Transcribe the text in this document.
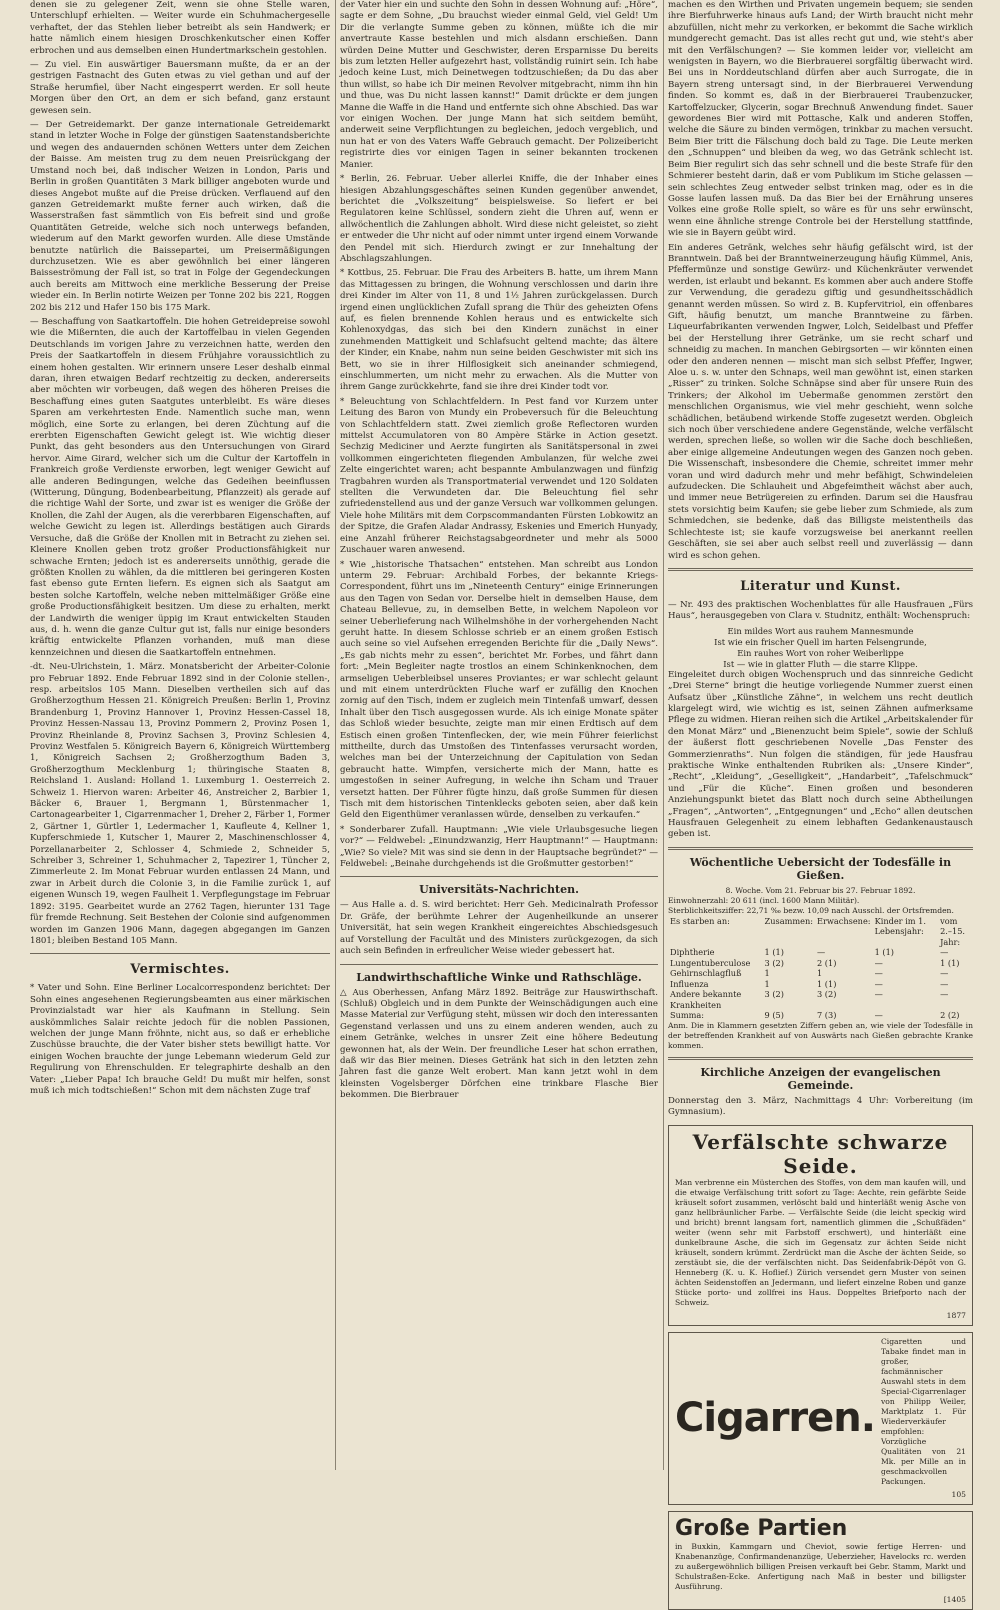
denen sie zu gelegener Zeit, wenn sie ohne Stelle waren, Unterschlupf erhielten. — Weiter wurde ein Schuhmachergeselle verhaftet, der das Stehlen lieber betreibt als sein Handwerk; er hatte nämlich einem hiesigen Droschkenkutscher einen Koffer erbrochen und aus demselben einen Hundertmarkschein gestohlen.

— Zu viel. Ein auswärtiger Bauersmann mußte, da er an der gestrigen Fastnacht des Guten etwas zu viel gethan und auf der Straße herumfiel, über Nacht eingesperrt werden. Er soll heute Morgen über den Ort, an dem er sich befand, ganz erstaunt gewesen sein.

— Der Getreidemarkt. Der ganze internationale Getreidemarkt stand in letzter Woche in Folge der günstigen Saatenstandsberichte und wegen des andauernden schönen Wetters unter dem Zeichen der Baisse. Am meisten trug zu dem neuen Preisrückgang der Umstand noch bei, daß indischer Weizen in London, Paris und Berlin in großen Quantitäten 3 Mark billiger angeboten wurde und dieses Angebot mußte auf die Preise drücken. Verflauend auf den ganzen Getreidemarkt mußte ferner auch wirken, daß die Wasserstraßen fast sämmtlich von Eis befreit sind und große Quantitäten Getreide, welche sich noch unterwegs befanden, wiederum auf den Markt geworfen wurden. Alle diese Umstände benutzte natürlich die Baissepartei, um Preisermäßigungen durchzusetzen. Wie es aber gewöhnlich bei einer längeren Baisseströmung der Fall ist, so trat in Folge der Gegendeckungen auch bereits am Mittwoch eine merkliche Besserung der Preise wieder ein. In Berlin notirte Weizen per Tonne 202 bis 221, Roggen 202 bis 212 und Hafer 150 bis 175 Mark.

— Beschaffung von Saatkartoffeln. Die hohen Getreidepreise sowohl wie die Mißernten, die auch der Kartoffelbau in vielen Gegenden Deutschlands im vorigen Jahre zu verzeichnen hatte, werden den Preis der Saatkartoffeln in diesem Frühjahre voraussichtlich zu einem hohen gestalten. Wir erinnern unsere Leser deshalb einmal daran, ihren etwaigen Bedarf rechtzeitig zu decken, andererseits aber möchten wir vorbeugen, daß wegen des höheren Preises die Beschaffung eines guten Saatgutes unterbleibt. Es wäre dieses Sparen am verkehrtesten Ende. Namentlich suche man, wenn möglich, eine Sorte zu erlangen, bei deren Züchtung auf die ererbten Eigenschaften Gewicht gelegt ist. Wie wichtig dieser Punkt, das geht besonders aus den Untersuchungen von Girard hervor. Aime Girard, welcher sich um die Cultur der Kartoffeln in Frankreich große Verdienste erworben, legt weniger Gewicht auf alle anderen Bedingungen, welche das Gedeihen beeinflussen (Witterung, Düngung, Bodenbearbeitung, Pflanzzeit) als gerade auf die richtige Wahl der Sorte, und zwar ist es weniger die Größe der Knollen, die Zahl der Augen, als die vererbbaren Eigenschaften, auf welche Gewicht zu legen ist. Allerdings bestätigen auch Girards Versuche, daß die Größe der Knollen mit in Betracht zu ziehen sei. Kleinere Knollen geben trotz großer Productionsfähigkeit nur schwache Ernten; jedoch ist es andererseits unnöthig, gerade die größten Knollen zu wählen, da die mittleren bei geringeren Kosten fast ebenso gute Ernten liefern. Es eignen sich als Saatgut am besten solche Kartoffeln, welche neben mittelmäßiger Größe eine große Productionsfähigkeit besitzen. Um diese zu erhalten, merkt der Landwirth die weniger üppig im Kraut entwickelten Stauden aus, d. h. wenn die ganze Cultur gut ist, falls nur einige besonders kräftig entwickelte Pflanzen vorhanden, muß man diese kennzeichnen und diesen die Saatkartoffeln entnehmen.

-dt. Neu-Ulrichstein, 1. März. Monatsbericht der Arbeiter-Colonie pro Februar 1892. Ende Februar 1892 sind in der Colonie stellen-, resp. arbeitslos 105 Mann. Dieselben vertheilen sich auf das Großherzogthum Hessen 21. Königreich Preußen: Berlin 1, Provinz Brandenburg 1, Provinz Hannover 1, Provinz Hessen-Cassel 18, Provinz Hessen-Nassau 13, Provinz Pommern 2, Provinz Posen 1, Provinz Rheinlande 8, Provinz Sachsen 3, Provinz Schlesien 4, Provinz Westfalen 5. Königreich Bayern 6, Königreich Württemberg 1, Königreich Sachsen 2; Großherzogthum Baden 3, Großherzogthum Mecklenburg 1; thüringische Staaten 8, Reichsland 1. Ausland: Holland 1. Luxemburg 1. Oesterreich 2. Schweiz 1. Hiervon waren: Arbeiter 46, Anstreicher 2, Barbier 1, Bäcker 6, Brauer 1, Bergmann 1, Bürstenmacher 1, Cartonagearbeiter 1, Cigarrenmacher 1, Dreher 2, Färber 1, Former 2, Gärtner 1, Gürtler 1, Ledermacher 1, Kaufleute 4, Kellner 1, Kupferschmiede 1, Kutscher 1, Maurer 2, Maschinenschlosser 4, Porzellanarbeiter 2, Schlosser 4, Schmiede 2, Schneider 5, Schreiber 3, Schreiner 1, Schuhmacher 2, Tapezirer 1, Tüncher 2, Zimmerleute 2. Im Monat Februar wurden entlassen 24 Mann, und zwar in Arbeit durch die Colonie 3, in die Familie zurück 1, auf eigenen Wunsch 19, wegen Faulheit 1. Verpflegungstage im Februar 1892: 3195. Gearbeitet wurde an 2762 Tagen, hierunter 131 Tage für fremde Rechnung. Seit Bestehen der Colonie sind aufgenommen worden im Ganzen 1906 Mann, dagegen abgegangen im Ganzen 1801; bleiben Bestand 105 Mann.

Vermischtes.

* Vater und Sohn. Eine Berliner Localcorrespondenz berichtet: Der Sohn eines angesehenen Regierungsbeamten aus einer märkischen Provinzialstadt war hier als Kaufmann in Stellung. Sein auskömmliches Salair reichte jedoch für die noblen Passionen, welchen der junge Mann fröhnte, nicht aus, so daß er erhebliche Zuschüsse brauchte, die der Vater bisher stets bewilligt hatte. Vor einigen Wochen brauchte der junge Lebemann wiederum Geld zur Regulirung von Ehrenschulden. Er telegraphirte deshalb an den Vater: „Lieber Papa! Ich brauche Geld! Du mußt mir helfen, sonst muß ich mich todtschießen!“ Schon mit dem nächsten Zuge traf

der Vater hier ein und suchte den Sohn in dessen Wohnung auf: „Höre“, sagte er dem Sohne, „Du brauchst wieder einmal Geld, viel Geld! Um Dir die verlangte Summe geben zu können, müßte ich die mir anvertraute Kasse bestehlen und mich alsdann erschießen. Dann würden Deine Mutter und Geschwister, deren Ersparnisse Du bereits bis zum letzten Heller aufgezehrt hast, vollständig ruinirt sein. Ich habe jedoch keine Lust, mich Deinetwegen todtzuschießen; da Du das aber thun willst, so habe ich Dir meinen Revolver mitgebracht, nimm ihn hin und thue, was Du nicht lassen kannst!“ Damit drückte er dem jungen Manne die Waffe in die Hand und entfernte sich ohne Abschied. Das war vor einigen Wochen. Der junge Mann hat sich seitdem bemüht, anderweit seine Verpflichtungen zu begleichen, jedoch vergeblich, und nun hat er von des Vaters Waffe Gebrauch gemacht. Der Polizeibericht registrirte dies vor einigen Tagen in seiner bekannten trockenen Manier.

* Berlin, 26. Februar. Ueber allerlei Kniffe, die der Inhaber eines hiesigen Abzahlungsgeschäftes seinen Kunden gegenüber anwendet, berichtet die „Volkszeitung“ beispielsweise. So liefert er bei Regulatoren keine Schlüssel, sondern zieht die Uhren auf, wenn er allwöchentlich die Zahlungen abholt. Wird diese nicht geleistet, so zieht er entweder die Uhr nicht auf oder nimmt unter irgend einem Vorwande den Pendel mit sich. Hierdurch zwingt er zur Innehaltung der Abschlagszahlungen.

* Kottbus, 25. Februar. Die Frau des Arbeiters B. hatte, um ihrem Mann das Mittagessen zu bringen, die Wohnung verschlossen und darin ihre drei Kinder im Alter von 11, 8 und 1½ Jahren zurückgelassen. Durch irgend einen unglücklichen Zufall sprang die Thür des geheizten Ofens auf, es fielen brennende Kohlen heraus und es entwickelte sich Kohlenoxydgas, das sich bei den Kindern zunächst in einer zunehmenden Mattigkeit und Schlafsucht geltend machte; das ältere der Kinder, ein Knabe, nahm nun seine beiden Geschwister mit sich ins Bett, wo sie in ihrer Hilflosigkeit sich aneinander schmiegend, einschlummerten, um nicht mehr zu erwachen. Als die Mutter von ihrem Gange zurückkehrte, fand sie ihre drei Kinder todt vor.

* Beleuchtung von Schlachtfeldern. In Pest fand vor Kurzem unter Leitung des Baron von Mundy ein Probeversuch für die Beleuchtung von Schlachtfeldern statt. Zwei ziemlich große Reflectoren wurden mittelst Accumulatoren von 80 Ampère Stärke in Action gesetzt. Sechzig Mediciner und Aerzte fungirten als Sanitätspersonal in zwei vollkommen eingerichteten fliegenden Ambulanzen, für welche zwei Zelte eingerichtet waren; acht bespannte Ambulanzwagen und fünfzig Tragbahren wurden als Transportmaterial verwendet und 120 Soldaten stellten die Verwundeten dar. Die Beleuchtung fiel sehr zufriedenstellend aus und der ganze Versuch war vollkommen gelungen. Viele hohe Militärs mit dem Corpscommandanten Fürsten Lobkowitz an der Spitze, die Grafen Aladar Andrassy, Eskenies und Emerich Hunyady, eine Anzahl früherer Reichstagsabgeordneter und mehr als 5000 Zuschauer waren anwesend.

* Wie „historische Thatsachen“ entstehen. Man schreibt aus London unterm 29. Februar: Archibald Forbes, der bekannte Kriegs-Correspondent, führt uns im „Nineteenth Century“ einige Erinnerungen aus den Tagen von Sedan vor. Derselbe hielt in demselben Hause, dem Chateau Bellevue, zu, in demselben Bette, in welchem Napoleon vor seiner Ueberlieferung nach Wilhelmshöhe in der vorhergehenden Nacht geruht hatte. In diesem Schlosse schrieb er an einem großen Estisch auch seine so viel Aufsehen erregenden Berichte für die „Daily News“. „Es gab nichts mehr zu essen“, berichtet Mr. Forbes, und fährt dann fort: „Mein Begleiter nagte trostlos an einem Schinkenknochen, dem armseligen Ueberbleibsel unseres Proviantes; er war schlecht gelaunt und mit einem unterdrückten Fluche warf er zufällig den Knochen zornig auf den Tisch, indem er zugleich mein Tintenfaß umwarf, dessen Inhalt über den Tisch ausgegossen wurde. Als ich einige Monate später das Schloß wieder besuchte, zeigte man mir einen Erdtisch auf dem Estisch einen großen Tintenflecken, der, wie mein Führer feierlichst mittheilte, durch das Umstoßen des Tintenfasses verursacht worden, welches man bei der Unterzeichnung der Capitulation von Sedan gebraucht hatte. Wimpfen, versicherte mich der Mann, hatte es umgestoßen in seiner Aufregung, in welche ihn Scham und Trauer versetzt hatten. Der Führer fügte hinzu, daß große Summen für diesen Tisch mit dem historischen Tintenklecks geboten seien, aber daß kein Geld den Eigenthümer veranlassen würde, denselben zu verkaufen.“

* Sonderbarer Zufall. Hauptmann: „Wie viele Urlaubsgesuche liegen vor?“ — Feldwebel: „Einundzwanzig, Herr Hauptmann!“ — Hauptmann: „Wie? So viele? Mit was sind sie denn in der Hauptsache begründet?“ — Feldwebel: „Beinahe durchgehends ist die Großmutter gestorben!“

Universitäts-Nachrichten.

— Aus Halle a. d. S. wird berichtet: Herr Geh. Medicinalrath Professor Dr. Gräfe, der berühmte Lehrer der Augenheilkunde an unserer Universität, hat sein wegen Krankheit eingereichtes Abschiedsgesuch auf Vorstellung der Facultät und des Ministers zurückgezogen, da sich auch sein Befinden in erfreulicher Weise wieder gebessert hat.

Landwirthschaftliche Winke und Rathschläge.

△ Aus Oberhessen, Anfang März 1892. Beiträge zur Hauswirthschaft. (Schluß) Obgleich und in dem Punkte der Weinschädigungen auch eine Masse Material zur Verfügung steht, müssen wir doch den interessanten Gegenstand verlassen und uns zu einem anderen wenden, auch zu einem Getränke, welches in unsrer Zeit eine höhere Bedeutung gewonnen hat, als der Wein. Der freundliche Leser hat schon errathen, daß wir das Bier meinen. Dieses Getränk hat sich in den letzten zehn Jahren fast die ganze Welt erobert. Man kann jetzt wohl in dem kleinsten Vogelsberger Dörfchen eine trinkbare Flasche Bier bekommen. Die Bierbrauer

machen es den Wirthen und Privaten ungemein bequem; sie senden ihre Bierfuhrwerke hinaus aufs Land; der Wirth braucht nicht mehr abzufüllen, nicht mehr zu verkorken, er bekommt die Sache wirklich mundgerecht gemacht. Das ist alles recht gut und, wie steht's aber mit den Verfälschungen? — Sie kommen leider vor, vielleicht am wenigsten in Bayern, wo die Bierbrauerei sorgfältig überwacht wird. Bei uns in Norddeutschland dürfen aber auch Surrogate, die in Bayern streng untersagt sind, in der Bierbrauerei Verwendung finden. So kommt es, daß in der Bierbrauerei Traubenzucker, Kartoffelzucker, Glycerin, sogar Brechnuß Anwendung findet. Sauer gewordenes Bier wird mit Pottasche, Kalk und anderen Stoffen, welche die Säure zu binden vermögen, trinkbar zu machen versucht. Beim Bier tritt die Fälschung doch bald zu Tage. Die Leute merken den „Schnuppen“ und bleiben da weg, wo das Getränk schlecht ist. Beim Bier regulirt sich das sehr schnell und die beste Strafe für den Schmierer besteht darin, daß er vom Publikum im Stiche gelassen — sein schlechtes Zeug entweder selbst trinken mag, oder es in die Gosse laufen lassen muß. Da das Bier bei der Ernährung unseres Volkes eine große Rolle spielt, so wäre es für uns sehr erwünscht, wenn eine ähnliche strenge Controle bei der Herstellung stattfinde, wie sie in Bayern geübt wird.

Ein anderes Getränk, welches sehr häufig gefälscht wird, ist der Branntwein. Daß bei der Branntweinerzeugung häufig Kümmel, Anis, Pfeffermünze und sonstige Gewürz- und Küchenkräuter verwendet werden, ist erlaubt und bekannt. Es kommen aber auch andere Stoffe zur Verwendung, die geradezu giftig und gesundheitsschädlich genannt werden müssen. So wird z. B. Kupfervitriol, ein offenbares Gift, häufig benutzt, um manche Branntweine zu färben. Liqueurfabrikanten verwenden Ingwer, Lolch, Seidelbast und Pfeffer bei der Herstellung ihrer Getränke, um sie recht scharf und schneidig zu machen. In manchen Gebirgsorten — wir könnten einen oder den anderen nennen — mischt man sich selbst Pfeffer, Ingwer, Aloe u. s. w. unter den Schnaps, weil man gewöhnt ist, einen starken „Risser“ zu trinken. Solche Schnäpse sind aber für unsere Ruin des Trinkers; der Alkohol im Uebermaße genommen zerstört den menschlichen Organismus, wie viel mehr geschieht, wenn solche schädlichen, betäubend wirkende Stoffe zugesetzt werden. Obgleich sich noch über verschiedene andere Gegenstände, welche verfälscht werden, sprechen ließe, so wollen wir die Sache doch beschließen, aber einige allgemeine Andeutungen wegen des Ganzen noch geben. Die Wissenschaft, insbesondere die Chemie, schreitet immer mehr voran und wird dadurch mehr und mehr befähigt, Schwindeleien aufzudecken. Die Schlauheit und Abgefeimtheit wächst aber auch, und immer neue Betrügereien zu erfinden. Darum sei die Hausfrau stets vorsichtig beim Kaufen; sie gebe lieber zum Schmiede, als zum Schmiedchen, sie bedenke, daß das Billigste meistentheils das Schlechteste ist; sie kaufe vorzugsweise bei anerkannt reellen Geschäften, sie sei aber auch selbst reell und zuverlässig — dann wird es schon gehen.

Literatur und Kunst.

— Nr. 493 des praktischen Wochenblattes für alle Hausfrauen „Fürs Haus“, herausgegeben von Clara v. Studnitz, enthält: Wochenspruch:

Ein mildes Wort aus rauhem Mannesmunde
Ist wie ein frischer Quell im harten Felsengrunde,
Ein rauhes Wort von roher Weiberlippe
Ist — wie in glatter Fluth — die starre Klippe.

Eingeleitet durch obigen Wochenspruch und das sinnreiche Gedicht „Drei Sterne“ bringt die heutige vorliegende Nummer zuerst einen Aufsatz über „Künstliche Zähne“, in welchem uns recht deutlich klargelegt wird, wie wichtig es ist, seinen Zähnen aufmerksame Pflege zu widmen. Hieran reihen sich die Artikel „Arbeitskalender für den Monat März“ und „Bienenzucht beim Spiele“, sowie der Schluß der äußerst flott geschriebenen Novelle „Das Fenster des Gommerzienraths“. Nun folgen die ständigen, für jede Hausfrau praktische Winke enthaltenden Rubriken als: „Unsere Kinder“, „Recht“, „Kleidung“, „Geselligkeit“, „Handarbeit“, „Tafelschmuck“ und „Für die Küche“. Einen großen und besonderen Anziehungspunkt bietet das Blatt noch durch seine Abtheilungen „Fragen“, „Antworten“, „Entgegnungen“ und „Echo“ allen deutschen Hausfrauen Gelegenheit zu einem lebhaften Gedankenaustausch geben ist.

Wöchentliche Uebersicht der Todesfälle in Gießen.
8. Woche. Vom 21. Februar bis 27. Februar 1892.
Einwohnerzahl: 20 611 (incl. 1600 Mann Militär).
Sterblichkeitsziffer: 22,71 ‰ bezw. 10,09 nach Ausschl. der Ortsfremden.
Es starben an:	Zusammen:	Erwachsene:	Kinder im 1. Lebensjahr:	vom 2.–15. Jahr:
Diphtherie	1 (1)	—	1 (1)	—
Lungentuberculose	3 (2)	2 (1)	—	1 (1)
Gehirnschlagfluß	1	1	—	—
Influenza	1	1 (1)	—	—
Andere bekannte Krankheiten	3 (2)	3 (2)	—	—
Summa:	9 (5)	7 (3)	—	2 (2)

Anm. Die in Klammern gesetzten Ziffern geben an, wie viele der Todesfälle in der betreffenden Krankheit auf von Auswärts nach Gießen gebrachte Kranke kommen.

Kirchliche Anzeigen der evangelischen Gemeinde.

Donnerstag den 3. März, Nachmittags 4 Uhr: Vorbereitung (im Gymnasium).

Verfälschte schwarze Seide.

Man verbrenne ein Müsterchen des Stoffes, von dem man kaufen will, und die etwaige Verfälschung tritt sofort zu Tage: Aechte, rein gefärbte Seide kräuselt sofort zusammen, verlöscht bald und hinterläßt wenig Asche von ganz hellbräunlicher Farbe. — Verfälschte Seide (die leicht speckig wird und bricht) brennt langsam fort, namentlich glimmen die „Schußfäden“ weiter (wenn sehr mit Farbstoff erschwert), und hinterläßt eine dunkelbraune Asche, die sich im Gegensatz zur ächten Seide nicht kräuselt, sondern krümmt. Zerdrückt man die Asche der ächten Seide, so zerstäubt sie, die der verfälschten nicht. Das Seidenfabrik-Dépôt von G. Henneberg (K. u. K. Hoflief.) Zürich versendet gern Muster von seinen ächten Seidenstoffen an Jedermann, und liefert einzelne Roben und ganze Stücke porto- und zollfrei ins Haus. Doppeltes Briefporto nach der Schweiz.

1877
Cigarren.

Cigaretten und Tabake findet man in großer, fachmännischer Auswahl stets in dem Special-Cigarrenlager von Philipp Weiler, Marktplatz 1. Für Wiederverkäufer empfohlen: Vorzügliche Qualitäten von 21 Mk. per Mille an in geschmackvollen Packungen.

105
Große Partien

in Buxkin, Kammgarn und Cheviot, sowie fertige Herren- und Knabenanzüge, Confirmandenanzüge, Ueberzieher, Havelocks rc. werden zu außergewöhnlich billigen Preisen verkauft bei Gebr. Stamm, Markt und Schulstraßen-Ecke. Anfertigung nach Maß in bester und billigster Ausführung.

[1405
